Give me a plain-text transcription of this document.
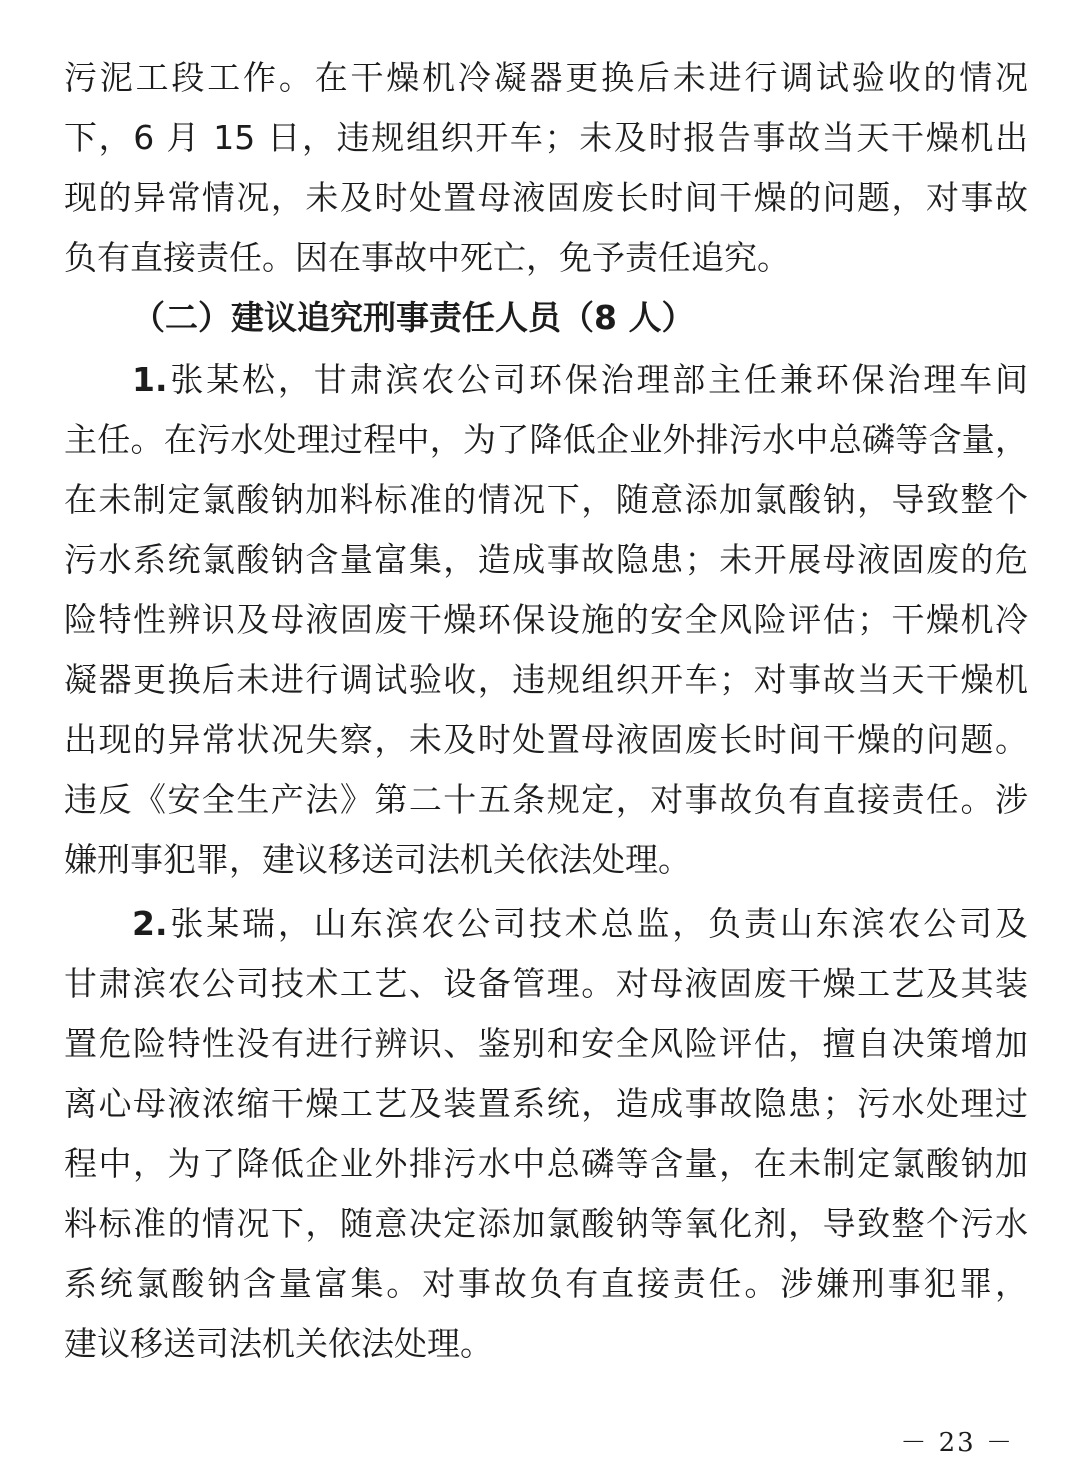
污泥工段工作。在干燥机冷凝器更换后未进行调试验收的情况
下，6 月 15 日，违规组织开车；未及时报告事故当天干燥机出
现的异常情况，未及时处置母液固废长时间干燥的问题，对事故
负有直接责任。因在事故中死亡，免予责任追究。
（二）建议追究刑事责任人员（8 人）
1.张某松，甘肃滨农公司环保治理部主任兼环保治理车间
主任。在污水处理过程中，为了降低企业外排污水中总磷等含量，
在未制定氯酸钠加料标准的情况下，随意添加氯酸钠，导致整个
污水系统氯酸钠含量富集，造成事故隐患；未开展母液固废的危
险特性辨识及母液固废干燥环保设施的安全风险评估；干燥机冷
凝器更换后未进行调试验收，违规组织开车；对事故当天干燥机
出现的异常状况失察，未及时处置母液固废长时间干燥的问题。
违反《安全生产法》第二十五条规定，对事故负有直接责任。涉
嫌刑事犯罪，建议移送司法机关依法处理。
2.张某瑞，山东滨农公司技术总监，负责山东滨农公司及
甘肃滨农公司技术工艺、设备管理。对母液固废干燥工艺及其装
置危险特性没有进行辨识、鉴别和安全风险评估，擅自决策增加
离心母液浓缩干燥工艺及装置系统，造成事故隐患；污水处理过
程中，为了降低企业外排污水中总磷等含量，在未制定氯酸钠加
料标准的情况下，随意决定添加氯酸钠等氧化剂，导致整个污水
系统氯酸钠含量富集。对事故负有直接责任。涉嫌刑事犯罪，
建议移送司法机关依法处理。
－ 23 －
